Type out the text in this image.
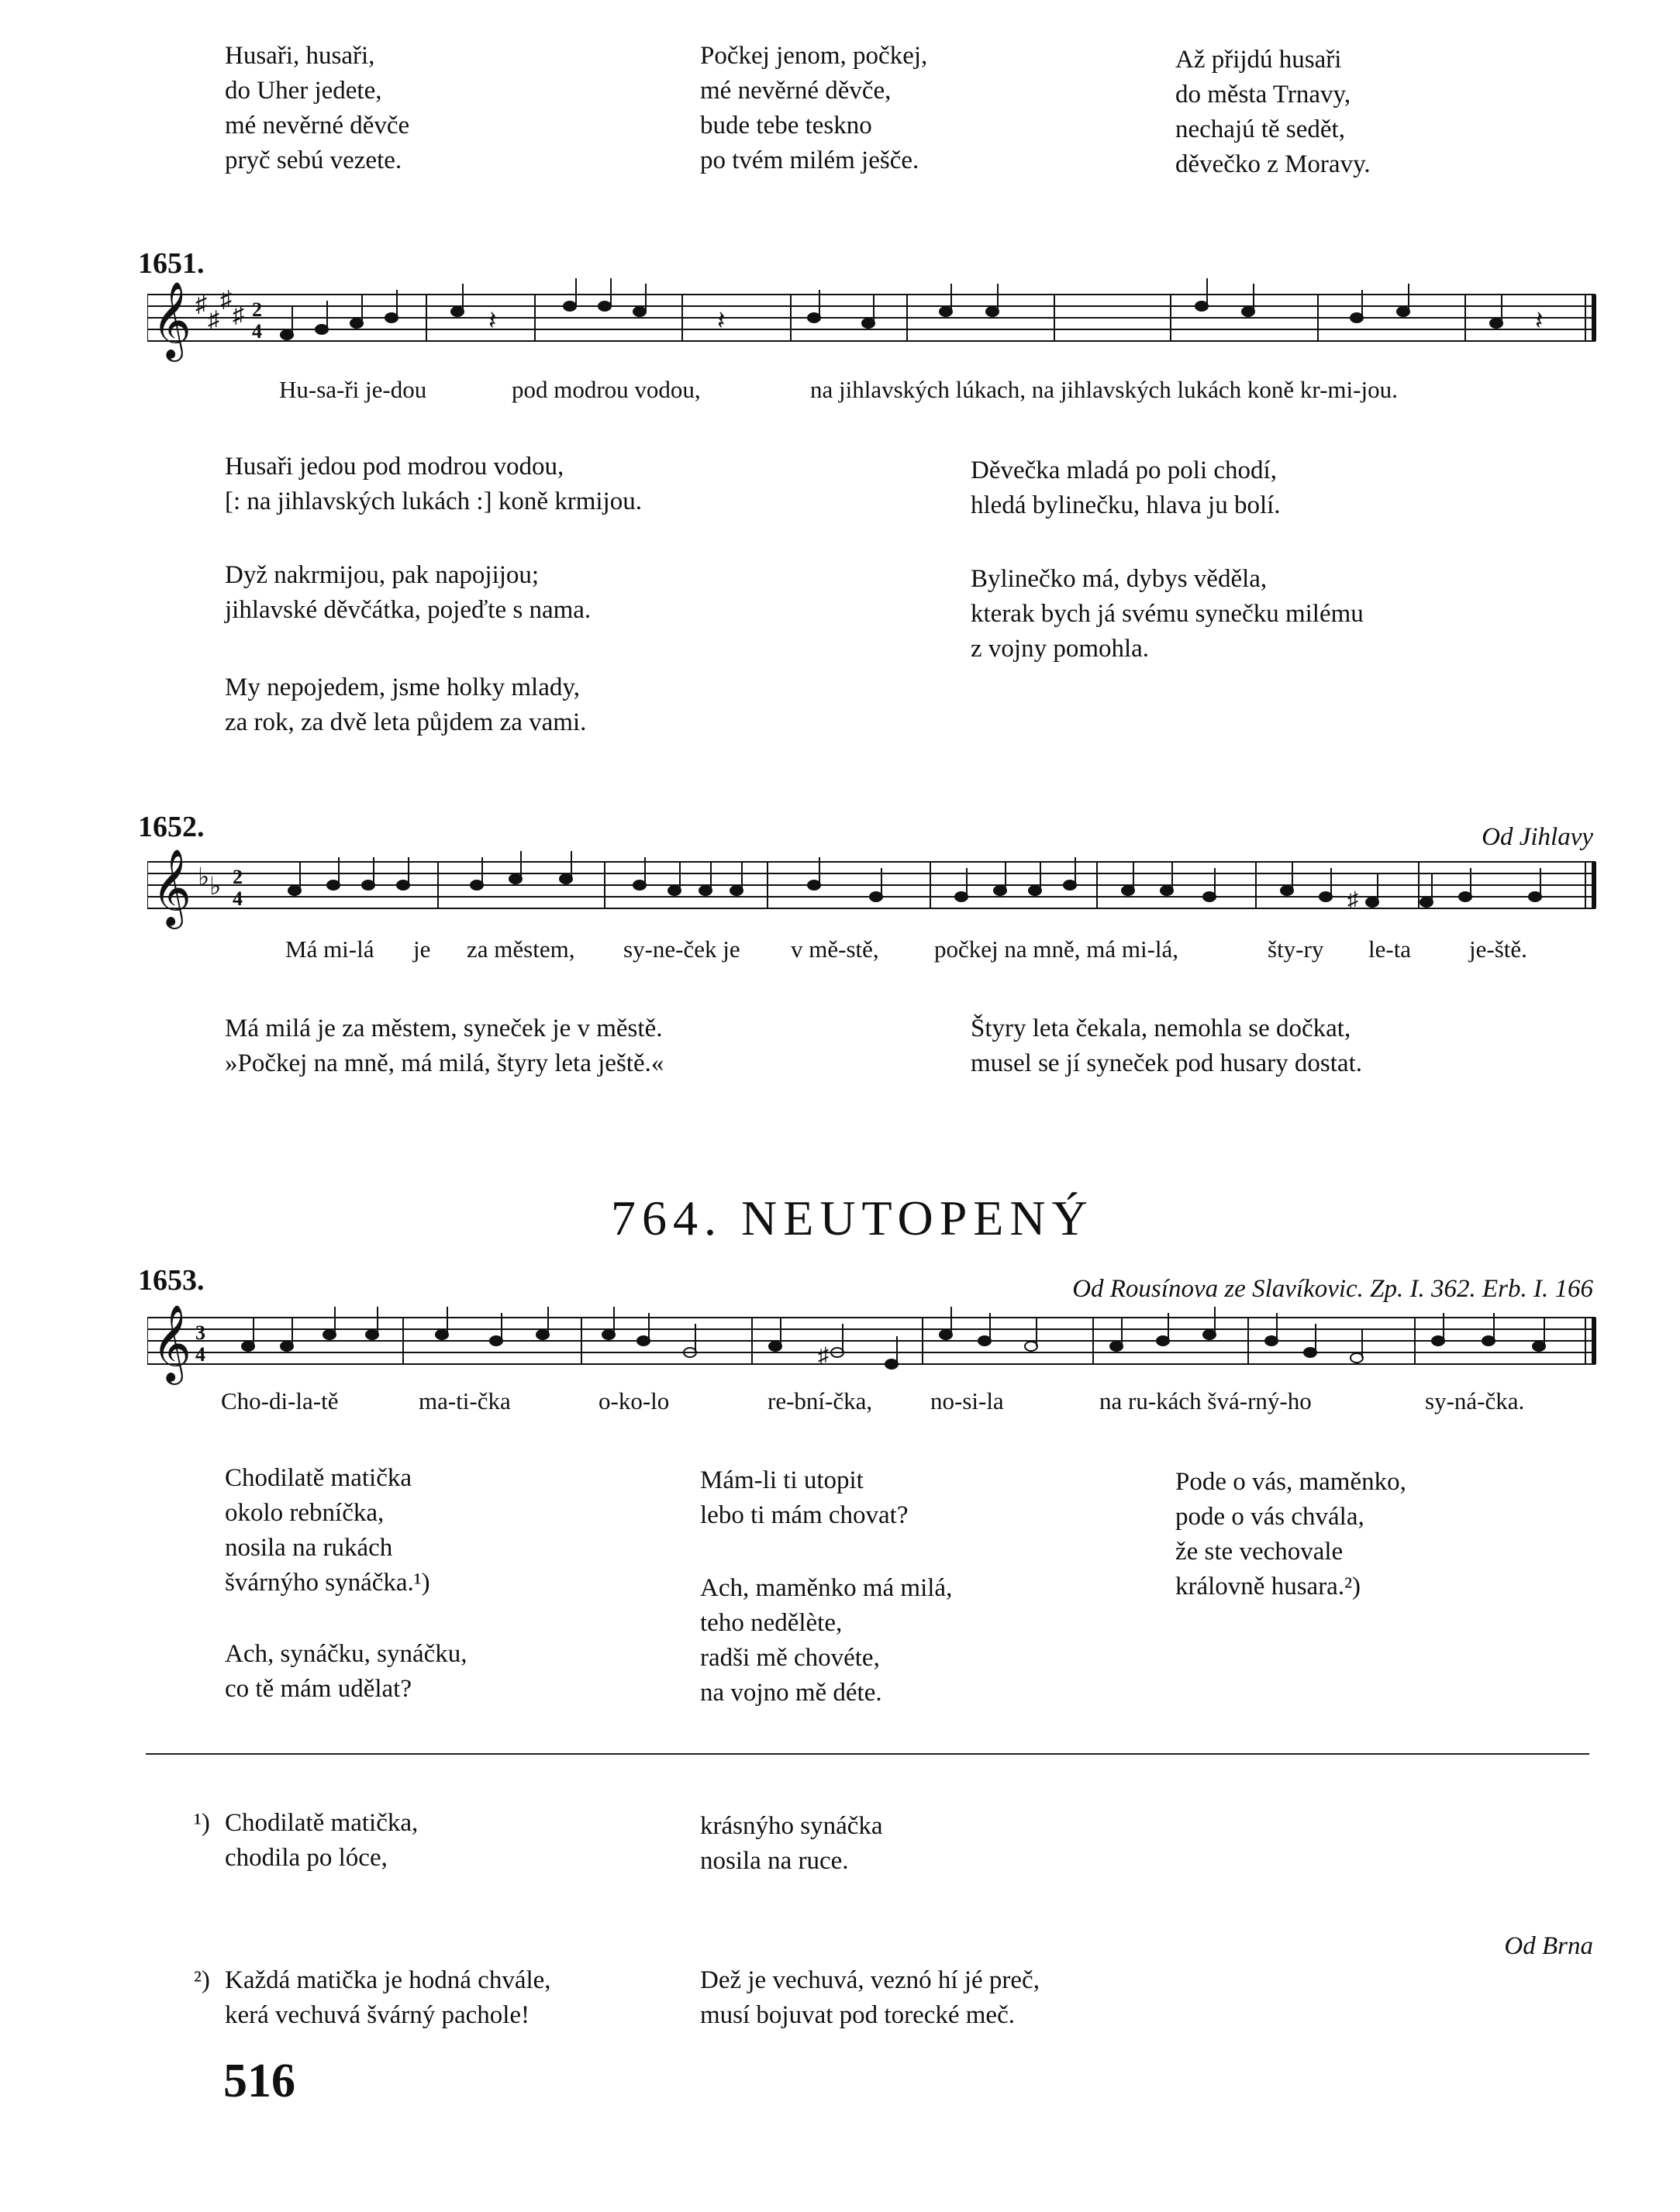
Husaři, husaři,
do Uher jedete,
mé nevěrné děvče
pryč sebú vezete.
Počkej jenom, počkej,
mé nevěrné děvče,
bude tebe teskno
po tvém milém ješče.
Až přijdú husaři
do města Trnavy,
nechajú tě sedět,
děvečko z Moravy.
1651.
𝄞 ♯
♯
♯
♯ 2
4	𝄽	𝄽	𝄽
Hu-sa-ři je-dou	pod modrou vodou,	na jihlavských lúkach, na jihlavských lukách koně kr-mi-jou.
Husaři jedou pod modrou vodou,
[: na jihlavských lukách :] koně krmijou.
Dyž nakrmijou, pak napojijou;
jihlavské děvčátka, pojeďte s nama.
My nepojedem, jsme holky mlady,
za rok, za dvě leta půjdem za vami.
Děvečka mladá po poli chodí,
hledá bylinečku, hlava ju bolí.
Bylinečko má, dybys věděla,
kterak bych já svému synečku milému
z vojny pomohla.
1652.	Od Jihlavy
𝄞 ♭ ♭ 2
4	♯
Má mi-lá je za městem, sy-ne-ček je v mě-stě, počkej na mně, má mi-lá,	šty-ry le-ta je-ště.
Má milá je za městem, syneček je v městě.
»Počkej na mně, má milá, štyry leta ještě.«
Štyry leta čekala, nemohla se dočkat,
musel se jí syneček pod husary dostat.
764. NEUTOPENÝ
1653.	Od Rousínova ze Slavíkovic. Zp. I. 362. Erb. I. 166
𝄞 3
4	♯
Cho-di-la-tě	ma-ti-čka	o-ko-lo	re-bní-čka, no-si-la	na ru-kách švá-rný-ho	sy-ná-čka.
Chodilatě matička
okolo rebníčka,
nosila na rukách
švárnýho synáčka.¹)
Ach, synáčku, synáčku,
co tě mám udělat?
Mám-li ti utopit
lebo ti mám chovat?
Ach, maměnko má milá,
teho nedělète,
radši mě chovéte,
na vojno mě déte.
Pode o vás, maměnko,
pode o vás chvála,
že ste vechovale
královně husara.²)
¹) Chodilatě matička,
chodila po lóce,
krásnýho synáčka
nosila na ruce.
Od Brna
²) Každá matička je hodná chvále,
kerá vechuvá švárný pachole!
Dež je vechuvá, veznó hí jé preč,
musí bojuvat pod torecké meč.
516
